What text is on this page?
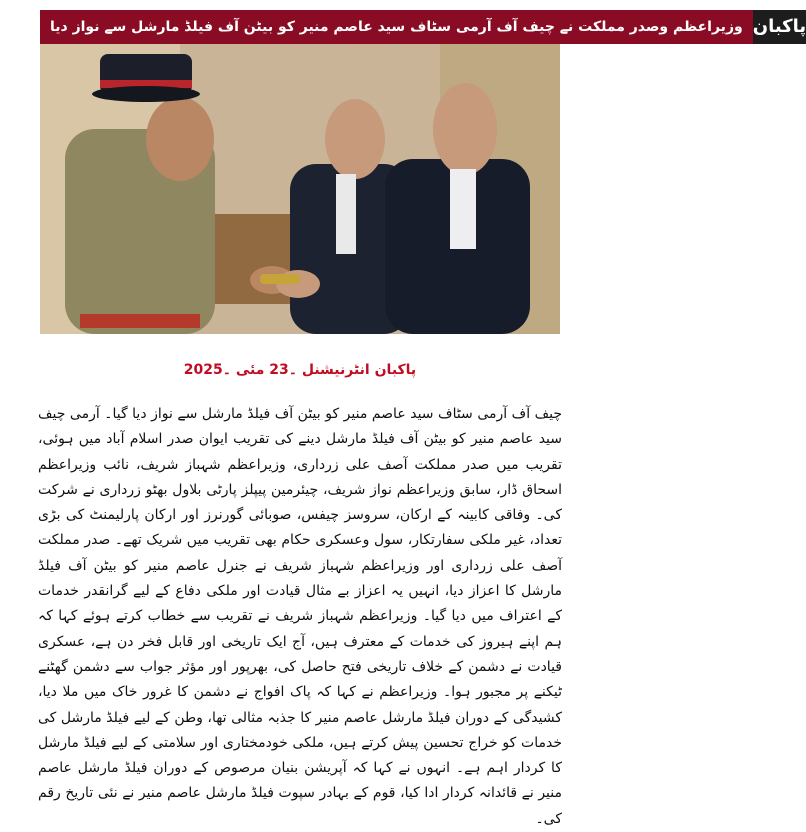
وزیراعظم وصدر مملکت نے چیف آف آرمی سٹاف سید عاصم منیر کو بیٹن آف فیلڈ مارشل سے نواز دیا پاکبان
پاکبان انٹرنیشنل ۔23 مئی ۔2025

چیف آف آرمی سٹاف سید عاصم منیر کو بیٹن آف فیلڈ مارشل سے نواز دیا گیا۔ آرمی چیف سید عاصم منیر کو بیٹن آف فیلڈ مارشل دینے کی تقریب ایوان صدر اسلام آباد میں ہوئی، تقریب میں صدر مملکت آصف علی زرداری، وزیراعظم شہباز شریف، نائب وزیراعظم اسحاق ڈار، سابق وزیراعظم نواز شریف، چیئرمین پیپلز پارٹی بلاول بھٹو زرداری نے شرکت کی۔ وفاقی کابینہ کے ارکان، سروسز چیفس، صوبائی گورنرز اور ارکان پارلیمنٹ کی بڑی تعداد، غیر ملکی سفارتکار، سول وعسکری حکام بھی تقریب میں شریک تھے۔ صدر مملکت آصف علی زرداری اور وزیراعظم شہباز شریف نے جنرل عاصم منیر کو بیٹن آف فیلڈ مارشل کا اعزاز دیا، انہیں یہ اعزاز بے مثال قیادت اور ملکی دفاع کے لیے گرانقدر خدمات کے اعتراف میں دیا گیا۔ وزیراعظم شہباز شریف نے تقریب سے خطاب کرتے ہوئے کہا کہ ہم اپنے ہیروز کی خدمات کے معترف ہیں، آج ایک تاریخی اور قابل فخر دن ہے، عسکری قیادت نے دشمن کے خلاف تاریخی فتح حاصل کی، بھرپور اور مؤثر جواب سے دشمن گھٹنے ٹیکنے پر مجبور ہوا۔ وزیراعظم نے کہا کہ پاک افواج نے دشمن کا غرور خاک میں ملا دیا، کشیدگی کے دوران فیلڈ مارشل عاصم منیر کا جذبہ مثالی تھا، وطن کے لیے فیلڈ مارشل کی خدمات کو خراج تحسین پیش کرتے ہیں، ملکی خودمختاری اور سلامتی کے لیے فیلڈ مارشل کا کردار اہم ہے۔ انہوں نے کہا کہ آپریشن بنیان مرصوص کے دوران فیلڈ مارشل عاصم منیر نے قائدانہ کردار ادا کیا، قوم کے بہادر سپوت فیلڈ مارشل عاصم منیر نے نئی تاریخ رقم کی۔
